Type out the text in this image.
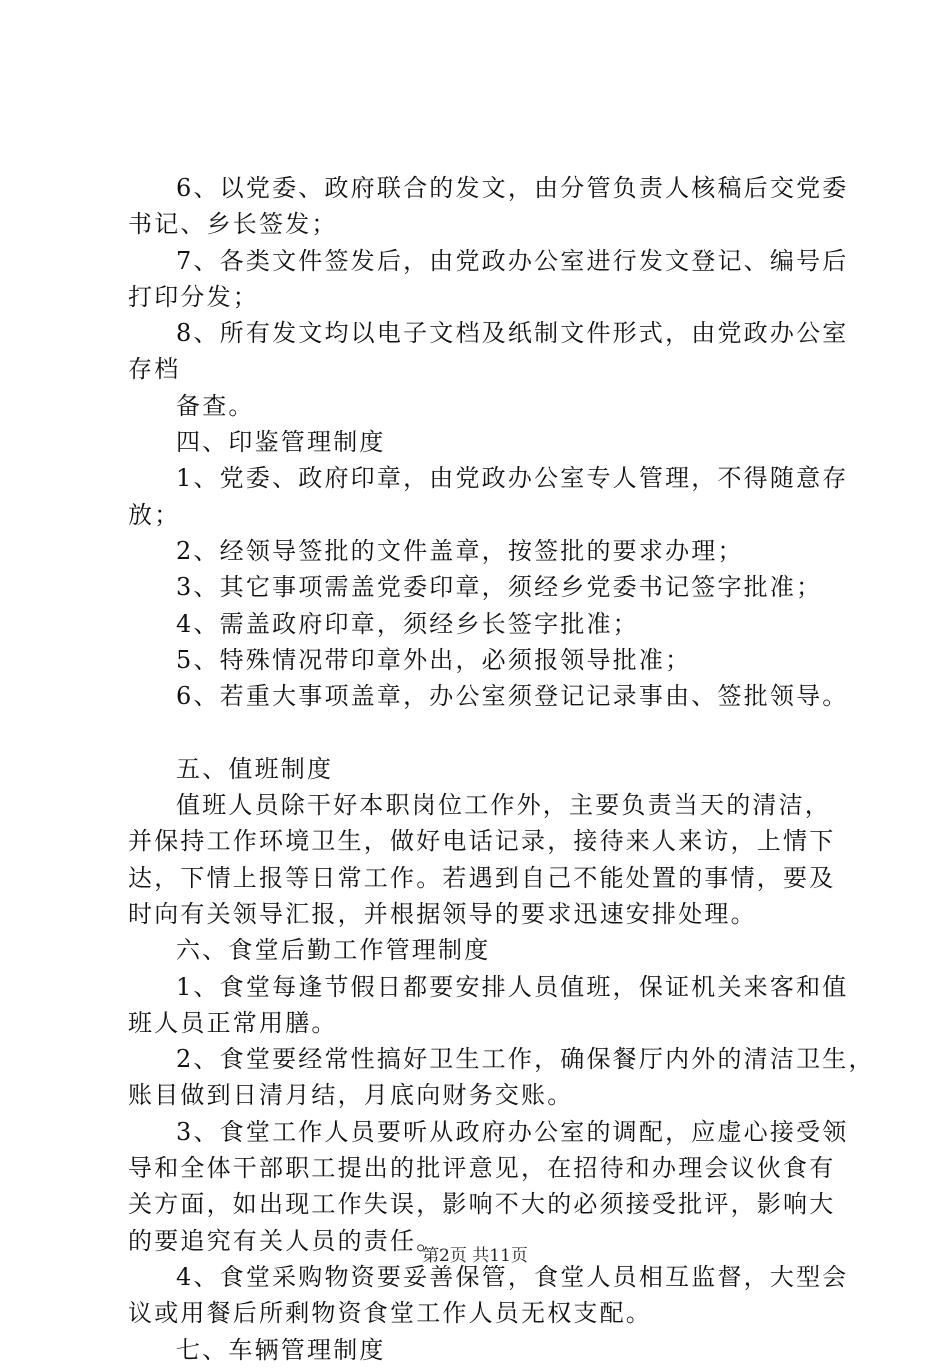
6、以党委、政府联合的发文，由分管负责人核稿后交党委
书记、乡长签发；
7、各类文件签发后，由党政办公室进行发文登记、编号后
打印分发；
8、所有发文均以电子文档及纸制文件形式，由党政办公室
存档
备查。
四、印鉴管理制度
1、党委、政府印章，由党政办公室专人管理，不得随意存
放；
2、经领导签批的文件盖章，按签批的要求办理；
3、其它事项需盖党委印章，须经乡党委书记签字批准；
4、需盖政府印章，须经乡长签字批准；
5、特殊情况带印章外出，必须报领导批准；
6、若重大事项盖章，办公室须登记记录事由、签批领导。
五、值班制度
值班人员除干好本职岗位工作外，主要负责当天的清洁，
并保持工作环境卫生，做好电话记录，接待来人来访，上情下
达，下情上报等日常工作。若遇到自己不能处置的事情，要及
时向有关领导汇报，并根据领导的要求迅速安排处理。
六、食堂后勤工作管理制度
1、食堂每逢节假日都要安排人员值班，保证机关来客和值
班人员正常用膳。
2、食堂要经常性搞好卫生工作，确保餐厅内外的清洁卫生，
账目做到日清月结，月底向财务交账。
3、食堂工作人员要听从政府办公室的调配，应虚心接受领
导和全体干部职工提出的批评意见，在招待和办理会议伙食有
关方面，如出现工作失误，影响不大的必须接受批评，影响大
的要追究有关人员的责任。
4、食堂采购物资要妥善保管，食堂人员相互监督，大型会
议或用餐后所剩物资食堂工作人员无权支配。
七、车辆管理制度
第2页 共11页
